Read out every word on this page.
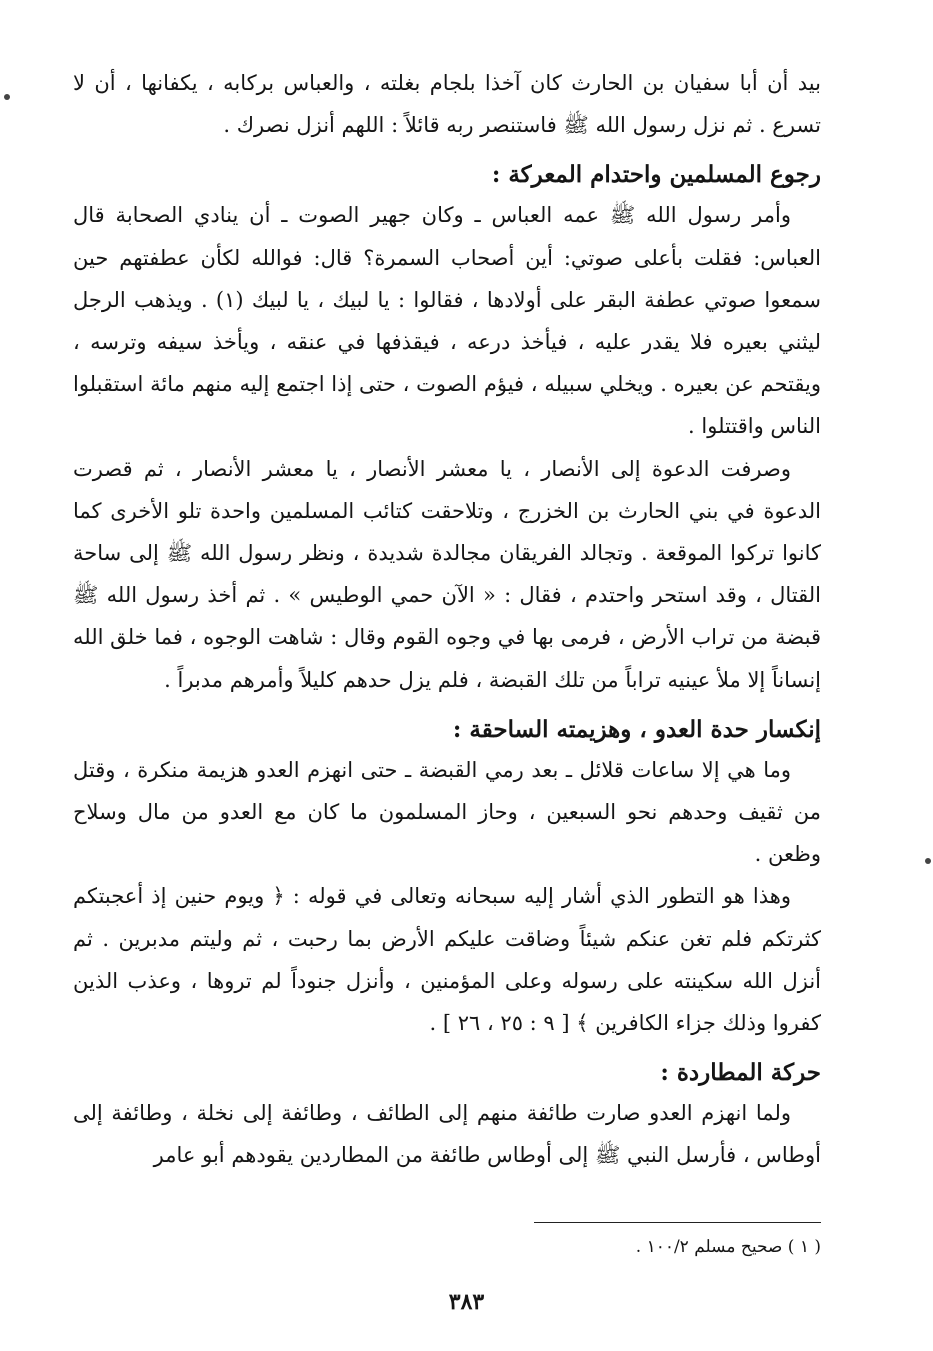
بيد أن أبا سفيان بن الحارث كان آخذا بلجام بغلته ، والعباس بركابه ، يكفانها ، أن لا تسرع . ثم نزل رسول الله ﷺ فاستنصر ربه قائلاً : اللهم أنزل نصرك .

رجوع المسلمين واحتدام المعركة :

وأمر رسول الله ﷺ عمه العباس ـ وكان جهير الصوت ـ أن ينادي الصحابة قال العباس: فقلت بأعلى صوتي: أين أصحاب السمرة؟ قال: فوالله لكأن عطفتهم حين سمعوا صوتي عطفة البقر على أولادها ، فقالوا : يا لبيك ، يا لبيك (١) . ويذهب الرجل ليثني بعيره فلا يقدر عليه ، فيأخذ درعه ، فيقذفها في عنقه ، ويأخذ سيفه وترسه ، ويقتحم عن بعيره . ويخلي سبيله ، فيؤم الصوت ، حتى إذا اجتمع إليه منهم مائة استقبلوا الناس واقتتلوا .

وصرفت الدعوة إلى الأنصار ، يا معشر الأنصار ، يا معشر الأنصار ، ثم قصرت الدعوة في بني الحارث بن الخزرج ، وتلاحقت كتائب المسلمين واحدة تلو الأخرى كما كانوا تركوا الموقعة . وتجالد الفريقان مجالدة شديدة ، ونظر رسول الله ﷺ إلى ساحة القتال ، وقد استحر واحتدم ، فقال : « الآن حمي الوطيس » . ثم أخذ رسول الله ﷺ قبضة من تراب الأرض ، فرمى بها في وجوه القوم وقال : شاهت الوجوه ، فما خلق الله إنساناً إلا ملأ عينيه تراباً من تلك القبضة ، فلم يزل حدهم كليلاً وأمرهم مدبراً .

إنكسار حدة العدو ، وهزيمته الساحقة :

وما هي إلا ساعات قلائل ـ بعد رمي القبضة ـ حتى انهزم العدو هزيمة منكرة ، وقتل من ثقيف وحدهم نحو السبعين ، وحاز المسلمون ما كان مع العدو من مال وسلاح وظعن .

وهذا هو التطور الذي أشار إليه سبحانه وتعالى في قوله : ﴿ ويوم حنين إذ أعجبتكم كثرتكم فلم تغن عنكم شيئاً وضاقت عليكم الأرض بما رحبت ، ثم وليتم مدبرين . ثم أنزل الله سكينته على رسوله وعلى المؤمنين ، وأنزل جنوداً لم تروها ، وعذب الذين كفروا وذلك جزاء الكافرين ﴾ [ ٩ : ٢٥ ، ٢٦ ] .

حركة المطاردة :

ولما انهزم العدو صارت طائفة منهم إلى الطائف ، وطائفة إلى نخلة ، وطائفة إلى أوطاس ، فأرسل النبي ﷺ إلى أوطاس طائفة من المطاردين يقودهم أبو عامر

( ١ ) صحيح مسلم ١٠٠/٢ .
٣٨٣
